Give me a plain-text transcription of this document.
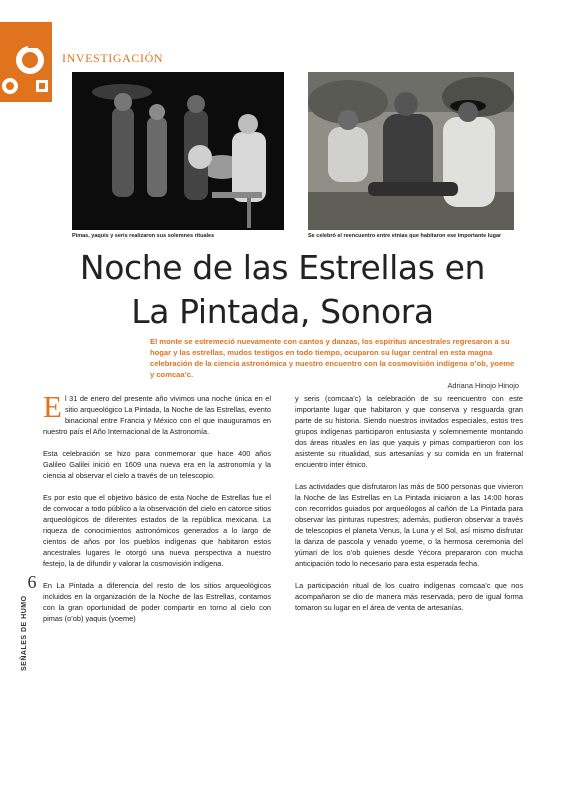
INVESTIGACIÓN
Pimas, yaquis y seris realizaron sus solemnes rituales	Se celebró el reencuentro entre etnias que habitaron ese importante lugar
Noche de las Estrellas en
La Pintada, Sonora
El monte se estremeció nuevamente con cantos y danzas, los espíritus ancestrales regresaron a su hogar y las estrellas, mudos testigos en todo tiempo, ocuparon su lugar central en esta magna celebración de la ciencia astronómica y nuestro encuentro con la cosmovisión indígena o’ob, yoeme y comcaa’c.
Adriana Hinojo Hinojo

El 31 de enero del presente año vivimos una noche única en el sitio arqueológico La Pintada, la Noche de las Estrellas, evento binacional entre Francia y México con el que inauguramos en nuestro país el Año Internacional de la Astronomía.

Esta celebración se hizo para conmemorar que hace 400 años Galileo Galilei inició en 1609 una nueva era en la astronomía y la ciencia al observar el cielo a través de un telescopio.

Es por esto que el objetivo básico de esta Noche de Estrellas fue el de convocar a todo público a la observación del cielo en catorce sitios arqueológicos de diferentes estados de la república mexicana. La riqueza de conocimientos astronómicos generados a lo largo de cientos de años por los pueblos indígenas que habitaron estos ancestrales lugares le otorgó una nueva perspectiva a nuestro festejo, la de difundir y valorar la cosmovisión indígena.

En La Pintada a diferencia del resto de los sitios arqueológicos incluidos en la organización de la Noche de las Estrellas, contamos con la gran oportunidad de poder compartir en torno al cielo con pimas (o’ob) yaquis (yoeme)

y seris (comcaa’c) la celebración de su reencuentro con este importante lugar que habitaron y que conserva y resguarda gran parte de su historia. Siendo nuestros invitados especiales, estos tres grupos indígenas participaron entusiasta y solemnemente montando dos áreas rituales en las que yaquis y pimas compartieron con los asistente su ritualidad, sus artesanías y su comida en un fraternal encuentro inter étnico.

Las actividades que disfrutaron las más de 500 personas que vivieron la Noche de las Estrellas en La Pintada iniciaron a las 14:00 horas con recorridos guiados por arqueólogos al cañón de La Pintada para observar las pinturas rupestres; además, pudieron observar a través de telescopios el planeta Venus, la Luna y el Sol, así mismo disfrutar la danza de pascola y venado yoeme, o la hermosa ceremonia del yúmari de los o’ob quienes desde Yécora prepararon con mucha anticipación todo lo necesario para esta esperada fecha.

La participación ritual de los cuatro indígenas comcaa’c que nos acompañaron se dio de manera más reservada, pero de igual forma tomaron su lugar en el área de venta de artesanías.

6
SEÑALES DE HUMO
